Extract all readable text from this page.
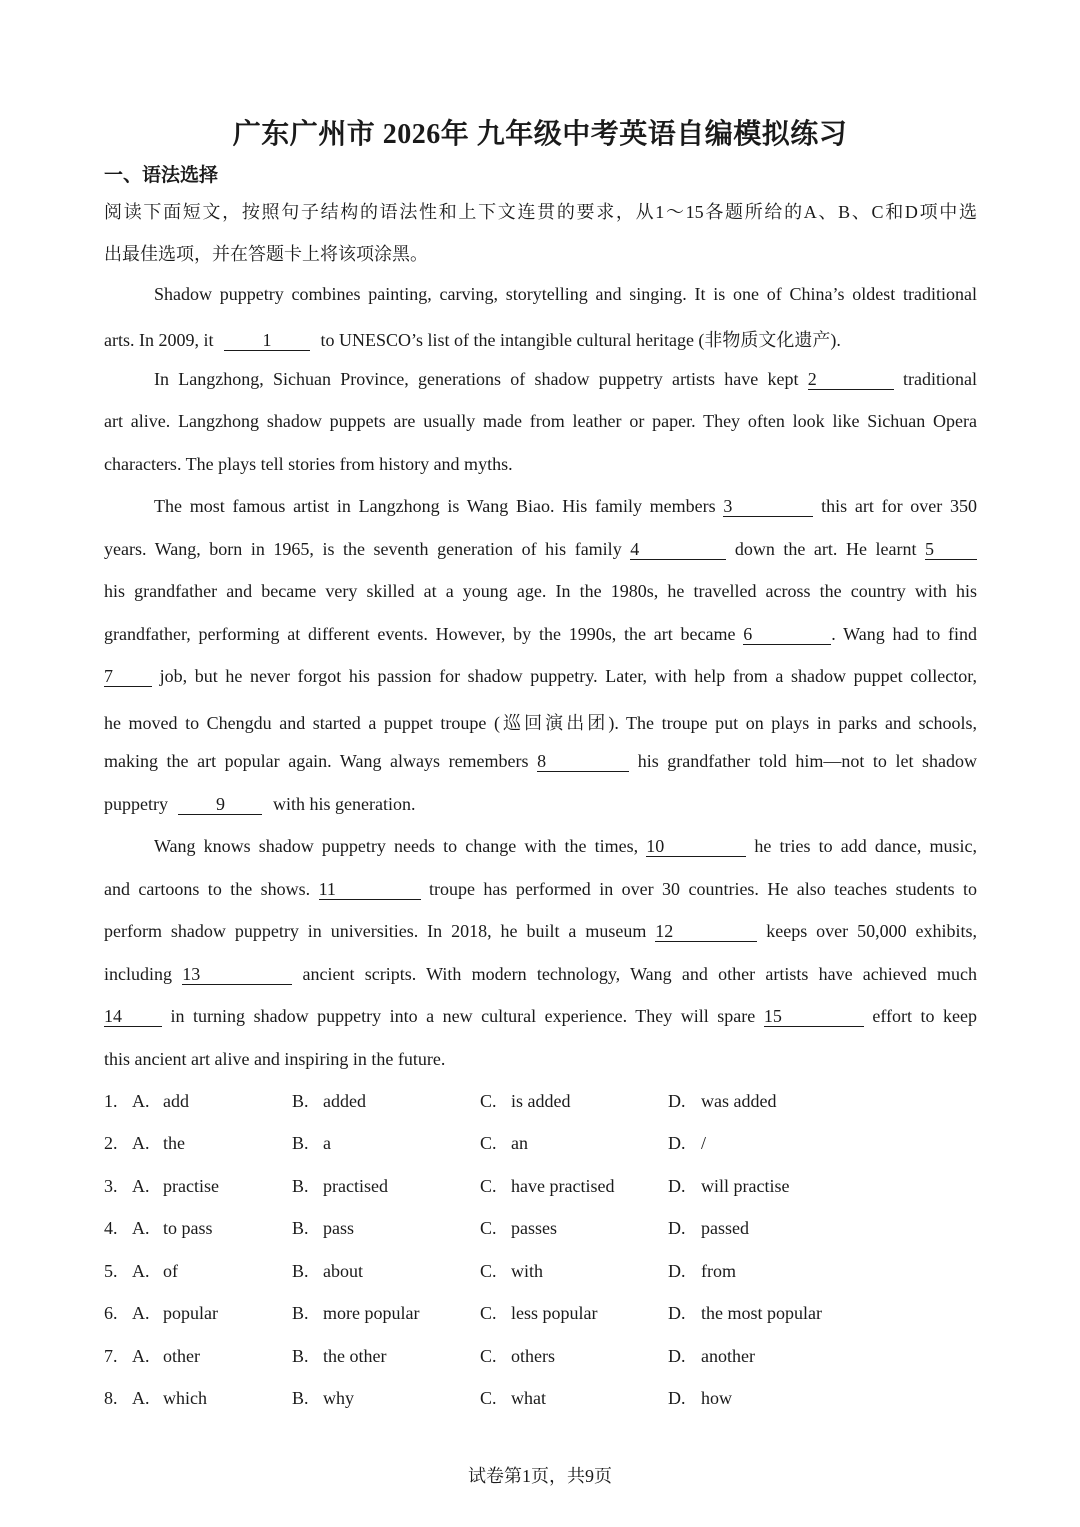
广东广州市 2026年 九年级中考英语自编模拟练习
一、语法选择
阅读下面短文，按照句子结构的语法性和上下文连贯的要求，从1～15各题所给的A、B、C和D项中选
出最佳选项，并在答题卡上将该项涂黑。
Shadow puppetry combines painting, carving, storytelling and singing. It is one of China’s oldest traditional
arts. In 2009, it	1	to UNESCO’s list of the intangible cultural heritage (非物质文化遗产).
In Langzhong, Sichuan Province, generations of shadow puppetry artists have kept 2	traditional
art alive. Langzhong shadow puppets are usually made from leather or paper. They often look like Sichuan Opera
characters. The plays tell stories from history and myths.
The most famous artist in Langzhong is Wang Biao. His family members 3	this art for over 350
years. Wang, born in 1965, is the seventh generation of his family 4	down the art. He learnt 5
his grandfather and became very skilled at a young age. In the 1980s, he travelled across the country with his
grandfather, performing at different events. However, by the 1990s, the art became 6	. Wang had to find
7	job, but he never forgot his passion for shadow puppetry. Later, with help from a shadow puppet collector,
he moved to Chengdu and started a puppet troupe (巡回演出团). The troupe put on plays in parks and schools,
making the art popular again. Wang always remembers 8	his grandfather told him—not to let shadow
puppetry	9	with his generation.
Wang knows shadow puppetry needs to change with the times, 10	he tries to add dance, music,
and cartoons to the shows. 11	troupe has performed in over 30 countries. He also teaches students to
perform shadow puppetry in universities. In 2018, he built a museum 12	keeps over 50,000 exhibits,
including 13	ancient scripts. With modern technology, Wang and other artists have achieved much
14	in turning shadow puppetry into a new cultural experience. They will spare 15	effort to keep
this ancient art alive and inspiring in the future.
1. A. add	B. added	C. is added	D. was added
2. A. the	B. a	C. an	D. /
3. A. practise	B. practised	C. have practised	D. will practise
4. A. to pass	B. pass	C. passes	D. passed
5. A. of	B. about	C. with	D. from
6. A. popular	B. more popular	C. less popular	D. the most popular
7. A. other	B. the other	C. others	D. another
8. A. which	B. why	C. what	D. how
试卷第1页，共9页
